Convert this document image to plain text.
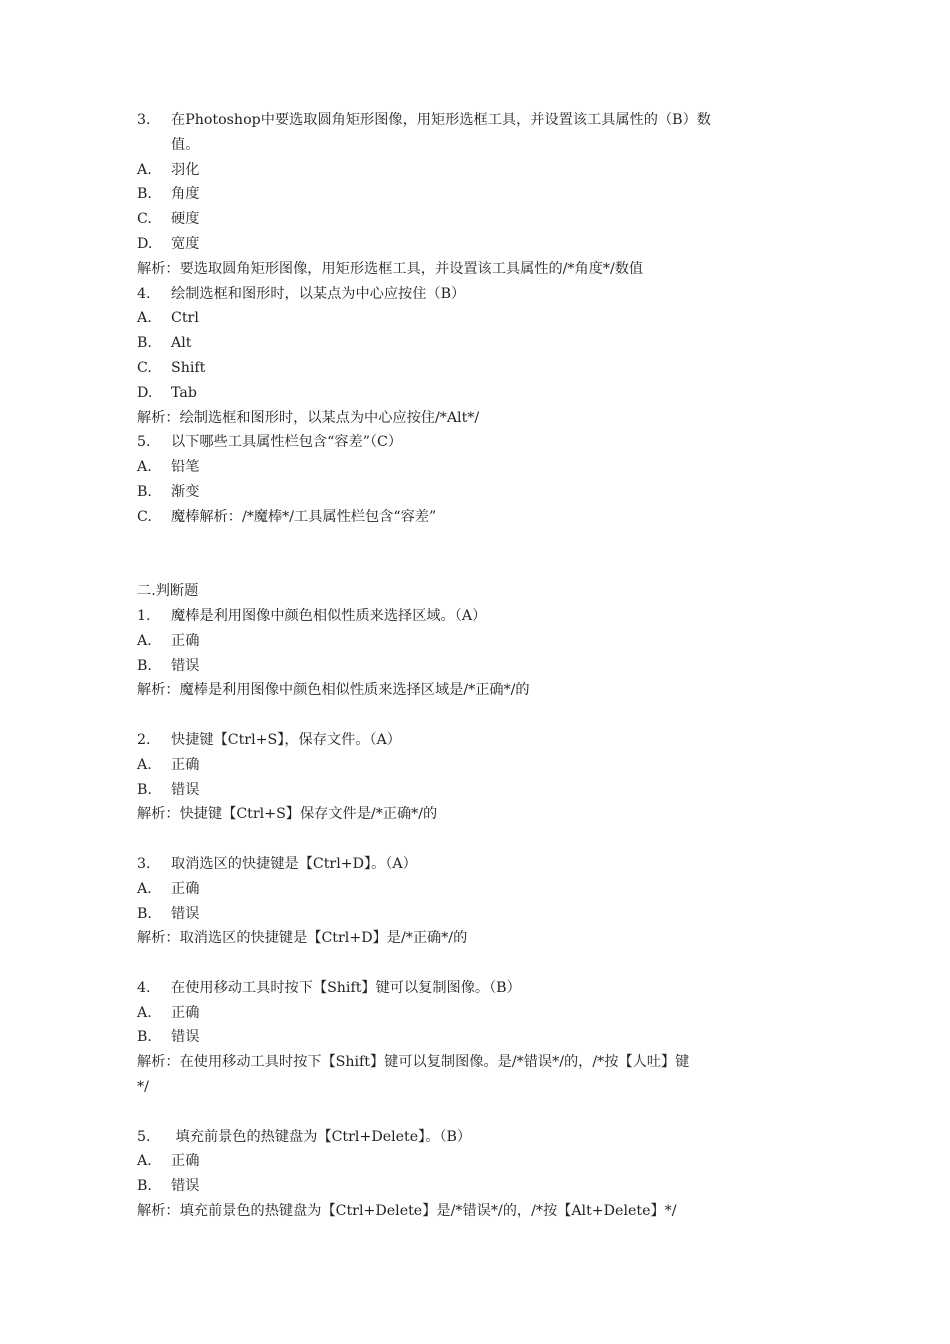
3. 在Photoshop中要选取圆角矩形图像，用矩形选框工具，并设置该工具属性的（B）数
值。
A. 羽化
B. 角度
C. 硬度
D. 宽度
解析：要选取圆角矩形图像，用矩形选框工具，并设置该工具属性的/*角度*/数值
4. 绘制选框和图形时，以某点为中心应按住（B）
A. Ctrl
B. Alt
C. Shift
D. Tab
解析：绘制选框和图形时，以某点为中心应按住/*Alt*/
5. 以下哪些工具属性栏包含“容差”（C）
A. 铅笔
B. 渐变
C. 魔棒解析：/*魔棒*/工具属性栏包含“容差”
二.判断题
1. 魔棒是利用图像中颜色相似性质来选择区域。（A）
A. 正确
B. 错误
解析：魔棒是利用图像中颜色相似性质来选择区域是/*正确*/的
2. 快捷键【Ctrl+S】，保存文件。（A）
A. 正确
B. 错误
解析：快捷键【Ctrl+S】保存文件是/*正确*/的
3. 取消选区的快捷键是【Ctrl+D】。（A）
A. 正确
B. 错误
解析：取消选区的快捷键是【Ctrl+D】是/*正确*/的
4. 在使用移动工具时按下【Shift】键可以复制图像。（B）
A. 正确
B. 错误
解析：在使用移动工具时按下【Shift】键可以复制图像。是/*错误*/的，/*按【人吐】键
*/
5. 填充前景色的热键盘为【Ctrl+Delete】。（B）
A. 正确
B. 错误
解析：填充前景色的热键盘为【Ctrl+Delete】是/*错误*/的，/*按【Alt+Delete】*/
